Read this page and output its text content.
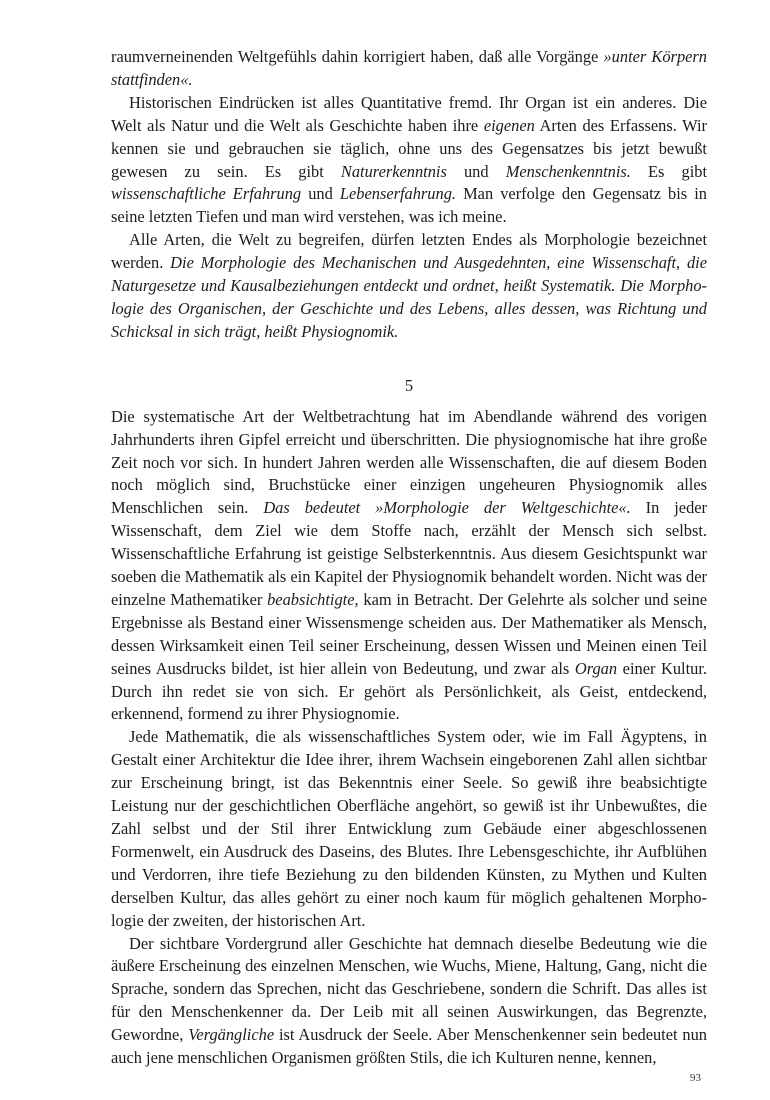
raumverneinenden Weltgefühls dahin korrigiert haben, daß alle Vorgänge »unter Körpern stattfinden«.

Historischen Eindrücken ist alles Quantitative fremd. Ihr Organ ist ein anderes. Die Welt als Natur und die Welt als Geschichte haben ihre eigenen Arten des Erfassens. Wir kennen sie und gebrauchen sie täglich, ohne uns des Gegensatzes bis jetzt bewußt gewesen zu sein. Es gibt Naturerkenntnis und Menschenkenntnis. Es gibt wissenschaftliche Erfahrung und Lebenserfahrung. Man verfolge den Gegensatz bis in seine letzten Tiefen und man wird verstehen, was ich meine.

Alle Arten, die Welt zu begreifen, dürfen letzten Endes als Morphologie bezeichnet werden. Die Morphologie des Mechanischen und Ausgedehnten, eine Wissenschaft, die Naturgesetze und Kausalbeziehungen entdeckt und ordnet, heißt Systematik. Die Morphologie des Organischen, der Geschichte und des Lebens, alles dessen, was Richtung und Schicksal in sich trägt, heißt Physiognomik.

5

Die systematische Art der Weltbetrachtung hat im Abendlande während des vorigen Jahrhunderts ihren Gipfel erreicht und überschritten. Die physiognomische hat ihre große Zeit noch vor sich. In hundert Jahren werden alle Wissenschaften, die auf diesem Boden noch möglich sind, Bruchstücke einer einzigen ungeheuren Physiognomik alles Menschlichen sein. Das bedeutet »Morphologie der Weltgeschichte«. In jeder Wissenschaft, dem Ziel wie dem Stoffe nach, erzählt der Mensch sich selbst. Wissenschaftliche Erfahrung ist geistige Selbsterkenntnis. Aus diesem Gesichtspunkt war soeben die Mathematik als ein Kapitel der Physiognomik behandelt worden. Nicht was der einzelne Mathematiker beabsichtigte, kam in Betracht. Der Gelehrte als solcher und seine Ergebnisse als Bestand einer Wissensmenge scheiden aus. Der Mathematiker als Mensch, dessen Wirksamkeit einen Teil seiner Erscheinung, dessen Wissen und Meinen einen Teil seines Ausdrucks bildet, ist hier allein von Bedeutung, und zwar als Organ einer Kultur. Durch ihn redet sie von sich. Er gehört als Persönlichkeit, als Geist, entdeckend, erkennend, formend zu ihrer Physiognomie.

Jede Mathematik, die als wissenschaftliches System oder, wie im Fall Ägyptens, in Gestalt einer Architektur die Idee ihrer, ihrem Wachsein eingeborenen Zahl allen sichtbar zur Erscheinung bringt, ist das Bekenntnis einer Seele. So gewiß ihre beabsichtigte Leistung nur der geschichtlichen Oberfläche angehört, so gewiß ist ihr Unbewußtes, die Zahl selbst und der Stil ihrer Entwicklung zum Gebäude einer abgeschlossenen Formenwelt, ein Ausdruck des Daseins, des Blutes. Ihre Lebensgeschichte, ihr Aufblühen und Verdorren, ihre tiefe Beziehung zu den bildenden Künsten, zu Mythen und Kulten derselben Kultur, das alles gehört zu einer noch kaum für möglich gehaltenen Morphologie der zweiten, der historischen Art.

Der sichtbare Vordergrund aller Geschichte hat demnach dieselbe Bedeutung wie die äußere Erscheinung des einzelnen Menschen, wie Wuchs, Miene, Haltung, Gang, nicht die Sprache, sondern das Sprechen, nicht das Geschriebene, sondern die Schrift. Das alles ist für den Menschenkenner da. Der Leib mit all seinen Auswirkungen, das Begrenzte, Gewordne, Vergängliche ist Ausdruck der Seele. Aber Menschenkenner sein bedeutet nun auch jene menschlichen Organismen größten Stils, die ich Kulturen nenne, kennen,

93
